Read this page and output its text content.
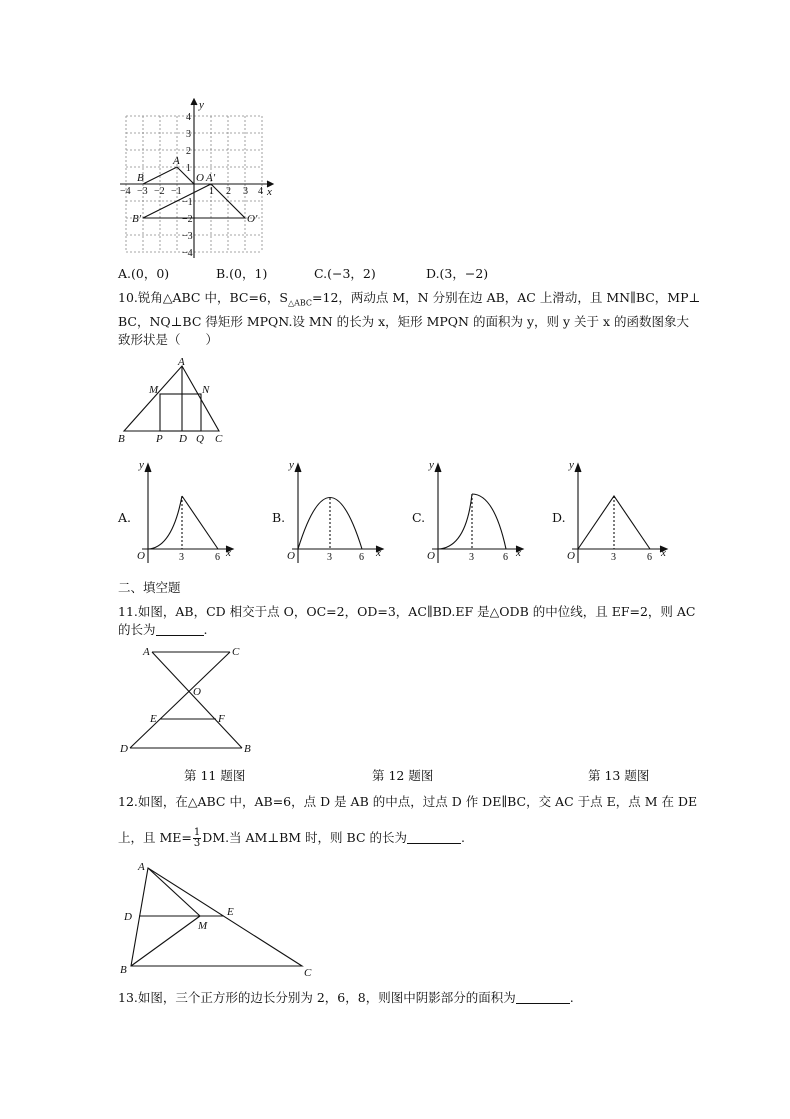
y
x
O
A
A′
B
B′	O′
−4 −3 −2 −1	1 2 3 4
4
3
2
1
−1
−2
−3
−4
A.(0，0)	B.(0，1)	C.(−3，2)	D.(3，−2)
10.锐角△ABC 中，BC=6，$S_{\triangle ABC}=12$，两动点 M，N 分别在边 AB，AC 上滑动，且 MN∥BC，MP⊥
BC，NQ⊥BC 得矩形 MPQN.设 MN 的长为 x，矩形 MPQN 的面积为 y，则 y 关于 x 的函数图象大
致形状是（　　）
A
M	N
B	P D Q C
A.
y
x
O	3	6
B.
y
x
O	3	6
C.
y
x
O	3	6
D.
y
x
O	3	6
二、填空题
11.如图，AB，CD 相交于点 O，OC=2，OD=3，AC∥BD.EF 是△ODB 的中位线，且 EF=2，则 AC
的长为	.
A	C
O
E	F
D	B
第 11 题图	第 12 题图	第 13 题图
12.如图，在△ABC 中，AB=6，点 D 是 AB 的中点，过点 D 作 DE∥BC，交 AC 于点 E，点 M 在 DE
上，且 $ME= \frac{1}{3}$ DM.当 AM⊥BM 时，则 BC 的长为	.
A
D	E
M
B	C
13.如图，三个正方形的边长分别为 2，6，8，则图中阴影部分的面积为	.
